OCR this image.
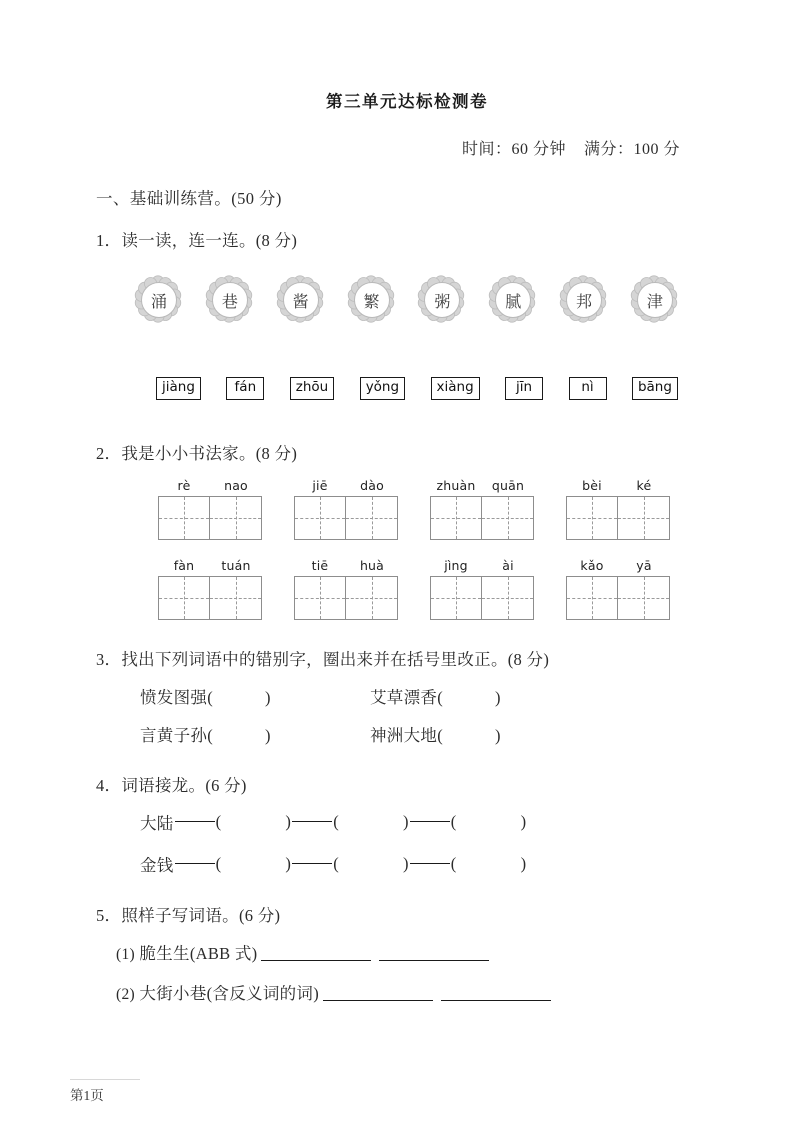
第三单元达标检测卷
时间：60 分钟 满分：100 分
一、基础训练营。(50 分)
1．读一读，连一连。(8 分)
涌	巷	酱	繁	粥	腻	邦	津
jiàng	fán	zhōu	yǒng	xiàng	jīn	nì	bāng
2．我是小小书法家。(8 分)
rè	nao	jiē	dào	zhuàn	quān	bèi	ké
fàn	tuán	tiē	huà	jìng	ài	kǎo	yā
3．找出下列词语中的错别字，圈出来并在括号里改正。(8 分)
愤发图强(	)	艾草漂香(	)
言黄子孙(	)	神洲大地(	)
4．词语接龙。(6 分)
大陆	(	)	(	)	(	)
金钱	(	)	(	)	(	)
5．照样子写词语。(6 分)
(1) 脆生生(ABB 式)
(2) 大街小巷(含反义词的词)
第1页
